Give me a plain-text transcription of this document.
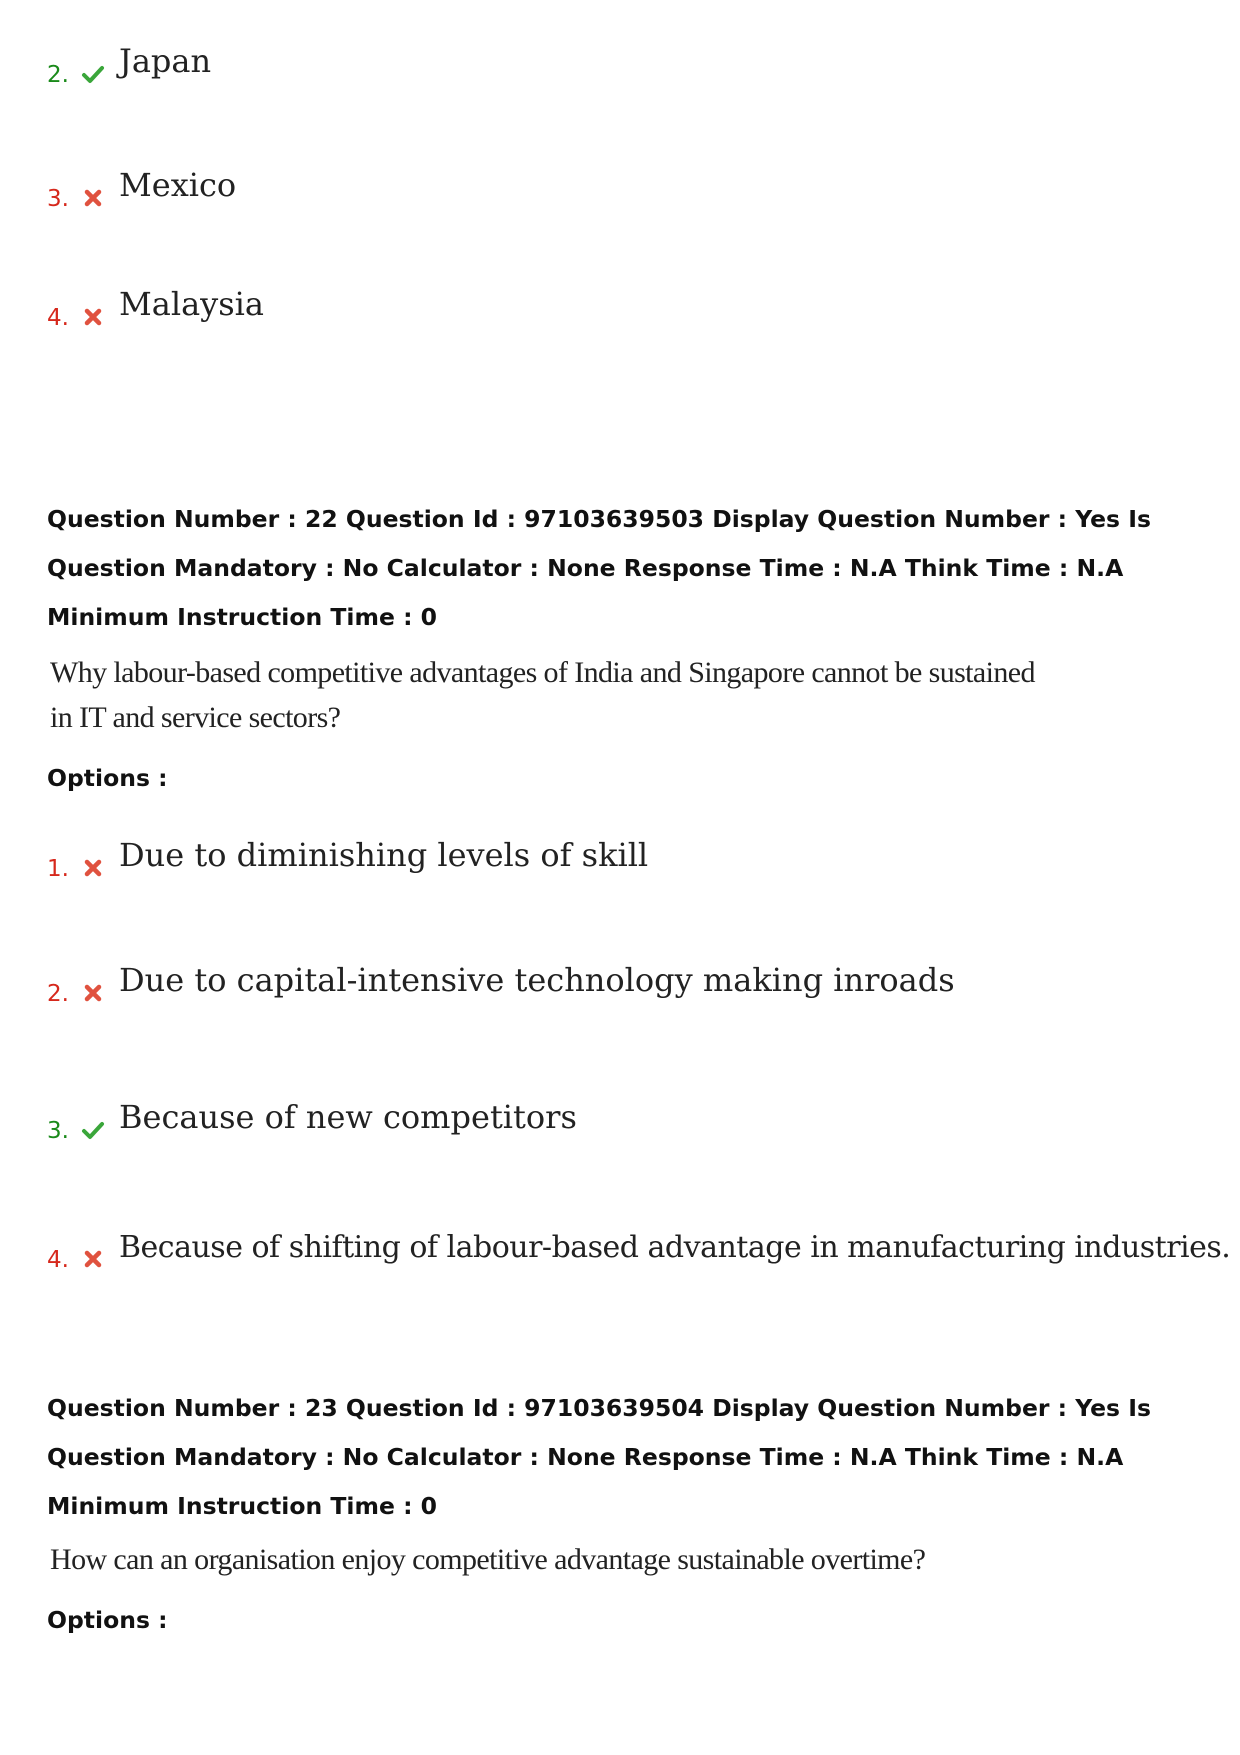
2. Japan
3. Mexico
4. Malaysia
Question Number : 22 Question Id : 97103639503 Display Question Number : Yes Is Question Mandatory : No Calculator : None Response Time : N.A Think Time : N.A Minimum Instruction Time : 0
Why labour-based competitive advantages of India and Singapore cannot be sustained
in IT and service sectors?
Options :
1. Due to diminishing levels of skill
2. Due to capital-intensive technology making inroads
3. Because of new competitors
4. Because of shifting of labour-based advantage in manufacturing industries.
Question Number : 23 Question Id : 97103639504 Display Question Number : Yes Is Question Mandatory : No Calculator : None Response Time : N.A Think Time : N.A Minimum Instruction Time : 0
How can an organisation enjoy competitive advantage sustainable overtime?
Options :
